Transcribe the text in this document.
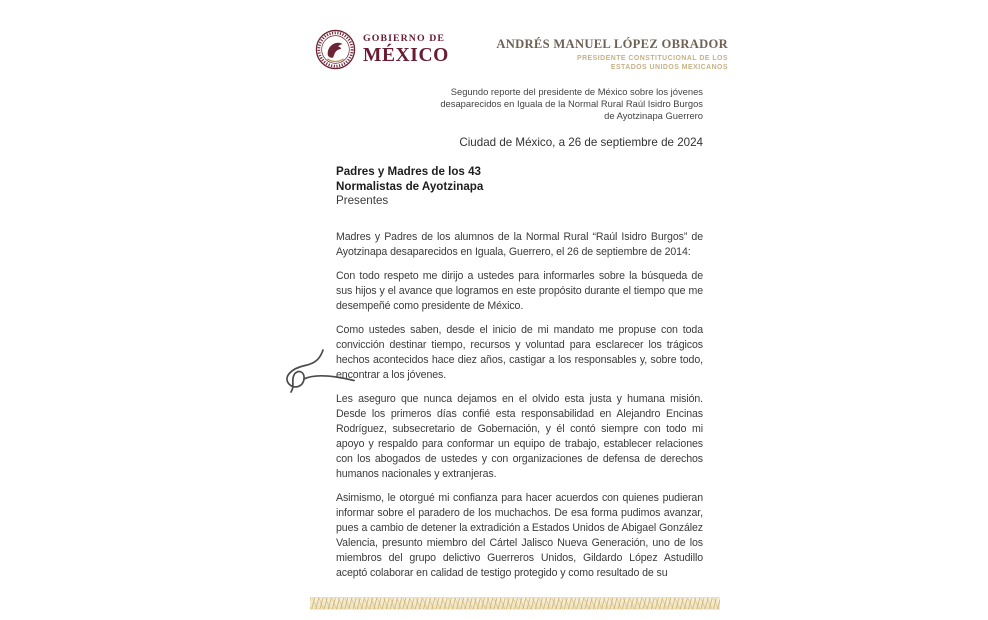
GOBIERNO DE
MÉXICO
ANDRÉS MANUEL LÓPEZ OBRADOR
PRESIDENTE CONSTITUCIONAL DE LOS
ESTADOS UNIDOS MEXICANOS
Segundo reporte del presidente de México sobre los jóvenes
desaparecidos en Iguala de la Normal Rural Raúl Isidro Burgos
de Ayotzinapa Guerrero
Ciudad de México, a 26 de septiembre de 2024
Padres y Madres de los 43
Normalistas de Ayotzinapa
Presentes

Madres y Padres de los alumnos de la Normal Rural “Raúl Isidro Burgos” de Ayotzinapa desaparecidos en Iguala, Guerrero, el 26 de septiembre de 2014:

Con todo respeto me dirijo a ustedes para informarles sobre la búsqueda de sus hijos y el avance que logramos en este propósito durante el tiempo que me desempeñé como presidente de México.

Como ustedes saben, desde el inicio de mi mandato me propuse con toda convicción destinar tiempo, recursos y voluntad para esclarecer los trágicos hechos acontecidos hace diez años, castigar a los responsables y, sobre todo, encontrar a los jóvenes.

Les aseguro que nunca dejamos en el olvido esta justa y humana misión. Desde los primeros días confié esta responsabilidad en Alejandro Encinas Rodríguez, subsecretario de Gobernación, y él contó siempre con todo mi apoyo y respaldo para conformar un equipo de trabajo, establecer relaciones con los abogados de ustedes y con organizaciones de defensa de derechos humanos nacionales y extranjeras.

Asimismo, le otorgué mi confianza para hacer acuerdos con quienes pudieran informar sobre el paradero de los muchachos. De esa forma pudimos avanzar, pues a cambio de detener la extradición a Estados Unidos de Abigael González Valencia, presunto miembro del Cártel Jalisco Nueva Generación, uno de los miembros del grupo delictivo Guerreros Unidos, Gildardo López Astudillo aceptó colaborar en calidad de testigo protegido y como resultado de su
